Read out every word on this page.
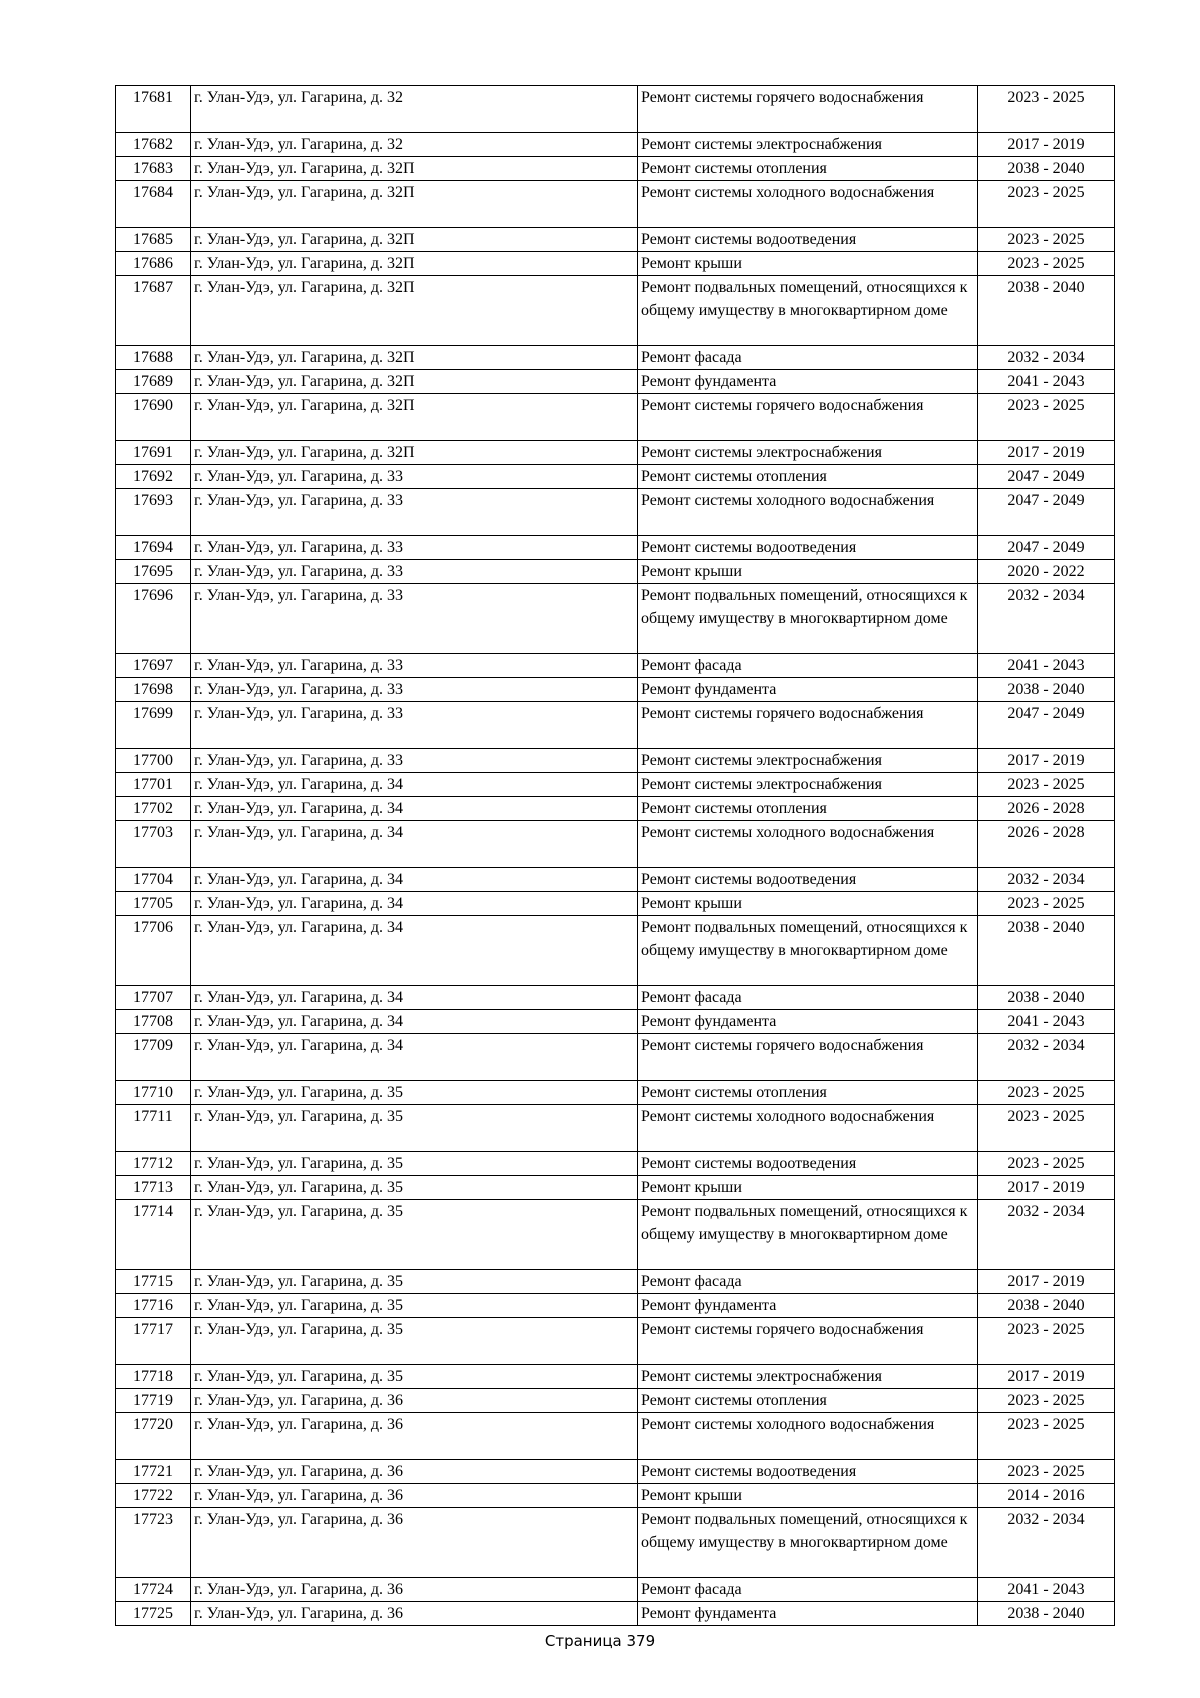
17681	г. Улан-Удэ, ул. Гагарина, д. 32	Ремонт системы горячего водоснабжения	2023 - 2025
17682	г. Улан-Удэ, ул. Гагарина, д. 32	Ремонт системы электроснабжения	2017 - 2019
17683	г. Улан-Удэ, ул. Гагарина, д. 32П	Ремонт системы отопления	2038 - 2040
17684	г. Улан-Удэ, ул. Гагарина, д. 32П	Ремонт системы холодного водоснабжения	2023 - 2025
17685	г. Улан-Удэ, ул. Гагарина, д. 32П	Ремонт системы водоотведения	2023 - 2025
17686	г. Улан-Удэ, ул. Гагарина, д. 32П	Ремонт крыши	2023 - 2025
17687	г. Улан-Удэ, ул. Гагарина, д. 32П	Ремонт подвальных помещений, относящихся к общему имуществу в многоквартирном доме	2038 - 2040
17688	г. Улан-Удэ, ул. Гагарина, д. 32П	Ремонт фасада	2032 - 2034
17689	г. Улан-Удэ, ул. Гагарина, д. 32П	Ремонт фундамента	2041 - 2043
17690	г. Улан-Удэ, ул. Гагарина, д. 32П	Ремонт системы горячего водоснабжения	2023 - 2025
17691	г. Улан-Удэ, ул. Гагарина, д. 32П	Ремонт системы электроснабжения	2017 - 2019
17692	г. Улан-Удэ, ул. Гагарина, д. 33	Ремонт системы отопления	2047 - 2049
17693	г. Улан-Удэ, ул. Гагарина, д. 33	Ремонт системы холодного водоснабжения	2047 - 2049
17694	г. Улан-Удэ, ул. Гагарина, д. 33	Ремонт системы водоотведения	2047 - 2049
17695	г. Улан-Удэ, ул. Гагарина, д. 33	Ремонт крыши	2020 - 2022
17696	г. Улан-Удэ, ул. Гагарина, д. 33	Ремонт подвальных помещений, относящихся к общему имуществу в многоквартирном доме	2032 - 2034
17697	г. Улан-Удэ, ул. Гагарина, д. 33	Ремонт фасада	2041 - 2043
17698	г. Улан-Удэ, ул. Гагарина, д. 33	Ремонт фундамента	2038 - 2040
17699	г. Улан-Удэ, ул. Гагарина, д. 33	Ремонт системы горячего водоснабжения	2047 - 2049
17700	г. Улан-Удэ, ул. Гагарина, д. 33	Ремонт системы электроснабжения	2017 - 2019
17701	г. Улан-Удэ, ул. Гагарина, д. 34	Ремонт системы электроснабжения	2023 - 2025
17702	г. Улан-Удэ, ул. Гагарина, д. 34	Ремонт системы отопления	2026 - 2028
17703	г. Улан-Удэ, ул. Гагарина, д. 34	Ремонт системы холодного водоснабжения	2026 - 2028
17704	г. Улан-Удэ, ул. Гагарина, д. 34	Ремонт системы водоотведения	2032 - 2034
17705	г. Улан-Удэ, ул. Гагарина, д. 34	Ремонт крыши	2023 - 2025
17706	г. Улан-Удэ, ул. Гагарина, д. 34	Ремонт подвальных помещений, относящихся к общему имуществу в многоквартирном доме	2038 - 2040
17707	г. Улан-Удэ, ул. Гагарина, д. 34	Ремонт фасада	2038 - 2040
17708	г. Улан-Удэ, ул. Гагарина, д. 34	Ремонт фундамента	2041 - 2043
17709	г. Улан-Удэ, ул. Гагарина, д. 34	Ремонт системы горячего водоснабжения	2032 - 2034
17710	г. Улан-Удэ, ул. Гагарина, д. 35	Ремонт системы отопления	2023 - 2025
17711	г. Улан-Удэ, ул. Гагарина, д. 35	Ремонт системы холодного водоснабжения	2023 - 2025
17712	г. Улан-Удэ, ул. Гагарина, д. 35	Ремонт системы водоотведения	2023 - 2025
17713	г. Улан-Удэ, ул. Гагарина, д. 35	Ремонт крыши	2017 - 2019
17714	г. Улан-Удэ, ул. Гагарина, д. 35	Ремонт подвальных помещений, относящихся к общему имуществу в многоквартирном доме	2032 - 2034
17715	г. Улан-Удэ, ул. Гагарина, д. 35	Ремонт фасада	2017 - 2019
17716	г. Улан-Удэ, ул. Гагарина, д. 35	Ремонт фундамента	2038 - 2040
17717	г. Улан-Удэ, ул. Гагарина, д. 35	Ремонт системы горячего водоснабжения	2023 - 2025
17718	г. Улан-Удэ, ул. Гагарина, д. 35	Ремонт системы электроснабжения	2017 - 2019
17719	г. Улан-Удэ, ул. Гагарина, д. 36	Ремонт системы отопления	2023 - 2025
17720	г. Улан-Удэ, ул. Гагарина, д. 36	Ремонт системы холодного водоснабжения	2023 - 2025
17721	г. Улан-Удэ, ул. Гагарина, д. 36	Ремонт системы водоотведения	2023 - 2025
17722	г. Улан-Удэ, ул. Гагарина, д. 36	Ремонт крыши	2014 - 2016
17723	г. Улан-Удэ, ул. Гагарина, д. 36	Ремонт подвальных помещений, относящихся к общему имуществу в многоквартирном доме	2032 - 2034
17724	г. Улан-Удэ, ул. Гагарина, д. 36	Ремонт фасада	2041 - 2043
17725	г. Улан-Удэ, ул. Гагарина, д. 36	Ремонт фундамента	2038 - 2040
Страница 379
